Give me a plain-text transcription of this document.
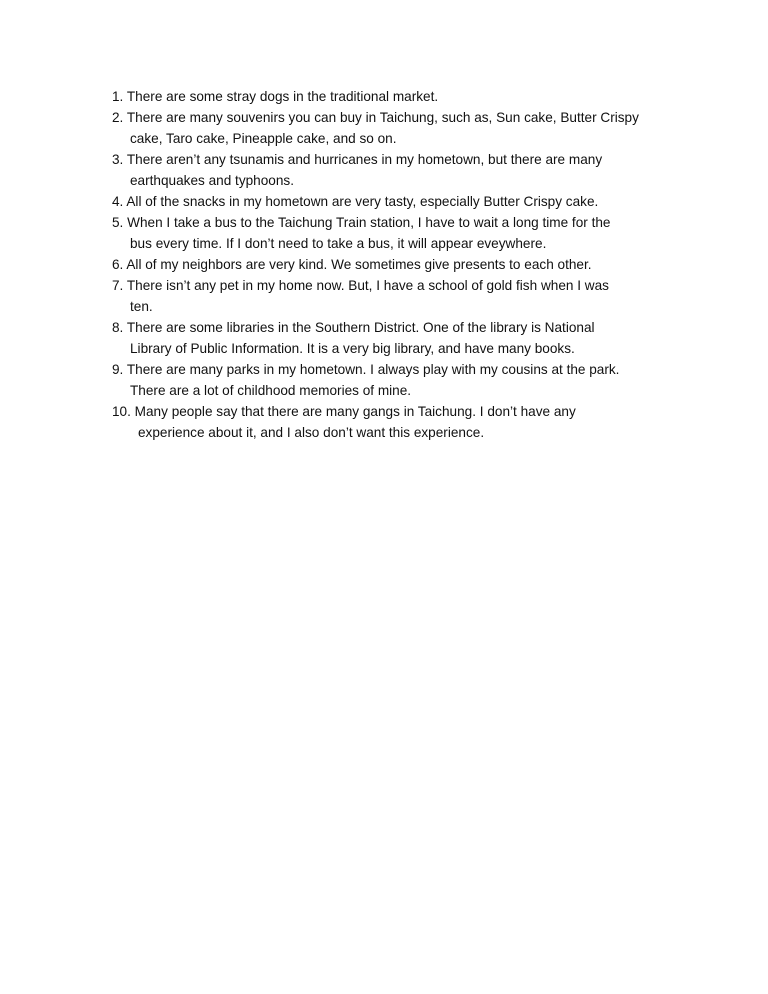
1. There are some stray dogs in the traditional market.
2. There are many souvenirs you can buy in Taichung, such as, Sun cake, Butter Crispy
cake, Taro cake, Pineapple cake, and so on.
3. There aren’t any tsunamis and hurricanes in my hometown, but there are many
earthquakes and typhoons.
4. All of the snacks in my hometown are very tasty, especially Butter Crispy cake.
5. When I take a bus to the Taichung Train station, I have to wait a long time for the
bus every time. If I don’t need to take a bus, it will appear eveywhere.
6. All of my neighbors are very kind. We sometimes give presents to each other.
7. There isn’t any pet in my home now. But, I have a school of gold fish when I was
ten.
8. There are some libraries in the Southern District. One of the library is National
Library of Public Information. It is a very big library, and have many books.
9. There are many parks in my hometown. I always play with my cousins at the park.
There are a lot of childhood memories of mine.
10. Many people say that there are many gangs in Taichung. I don’t have any
experience about it, and I also don’t want this experience.
